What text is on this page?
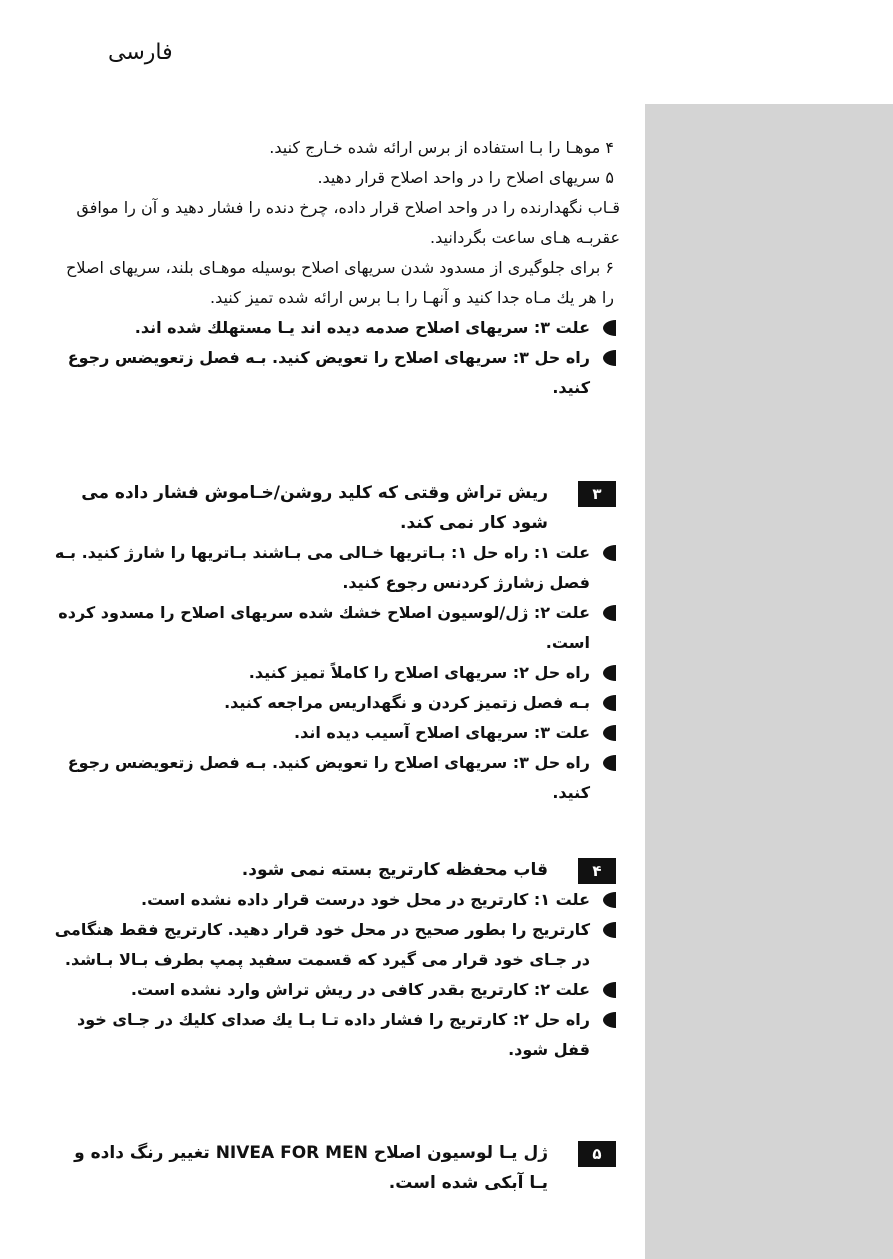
فارسی

۴ موهـا را بـا استفاده از برس ارائه شده خـارج كنيد.

۵ سريهای اصلاح را در واحد اصلاح قرار دهيد.

قـاب نگهدارنده را در واحد اصلاح قرار داده، چرخ دنده را فشار دهيد و آن را موافق عقربـه هـای ساعت بگردانيد.

۶ برای جلوگيری از مسدود شدن سريهای اصلاح بوسيله موهـای بلند، سريهای اصلاح را هر يك مـاه جدا كنيد و آنهـا را بـا برس ارائه شده تميز كنيد.

علت ۳: سريهای اصلاح صدمه ديده اند يـا مستهلك شده اند.

راه حل ۳: سريهای اصلاح را تعويض كنيد. بـه فصل زتعويضس رجوع كنيد.

۳
ريش تراش وقتی كه كليد روشن/خـاموش فشار داده می شود كار نمی كند.

علت ۱: راه حل ۱: بـاتريها خـالی می بـاشند بـاتريها را شارژ كنيد. بـه فصل زشارژ كردنس رجوع كنيد.

علت ۲: ژل/لوسيون اصلاح خشك شده سريهای اصلاح را مسدود كرده است.

راه حل ۲: سريهای اصلاح را كاملاً تميز كنيد.

بـه فصل زتميز كردن و نگهداريس مراجعه كنيد.

علت ۳: سريهای اصلاح آسيب ديده اند.

راه حل ۳: سريهای اصلاح را تعويض كنيد. بـه فصل زتعويضس رجوع كنيد.

۴
قاب محفظه كارتريج بسته نمی شود.

علت ۱: كارتريج در محل خود درست قرار داده نشده است.

كارتريج را بطور صحيح در محل خود قرار دهيد. كارتريج فقط هنگامی در جـای خود قرار می گيرد كه قسمت سفيد پمپ بطرف بـالا بـاشد.

علت ۲: كارتريج بقدر كافی در ريش تراش وارد نشده است.

راه حل ۲: كارتريج را فشار داده تـا بـا يك صدای كليك در جـای خود قفل شود.

۵
ژل يـا لوسيون اصلاح NIVEA FOR MEN تغيير رنگ داده و يـا آبكی شده است.
